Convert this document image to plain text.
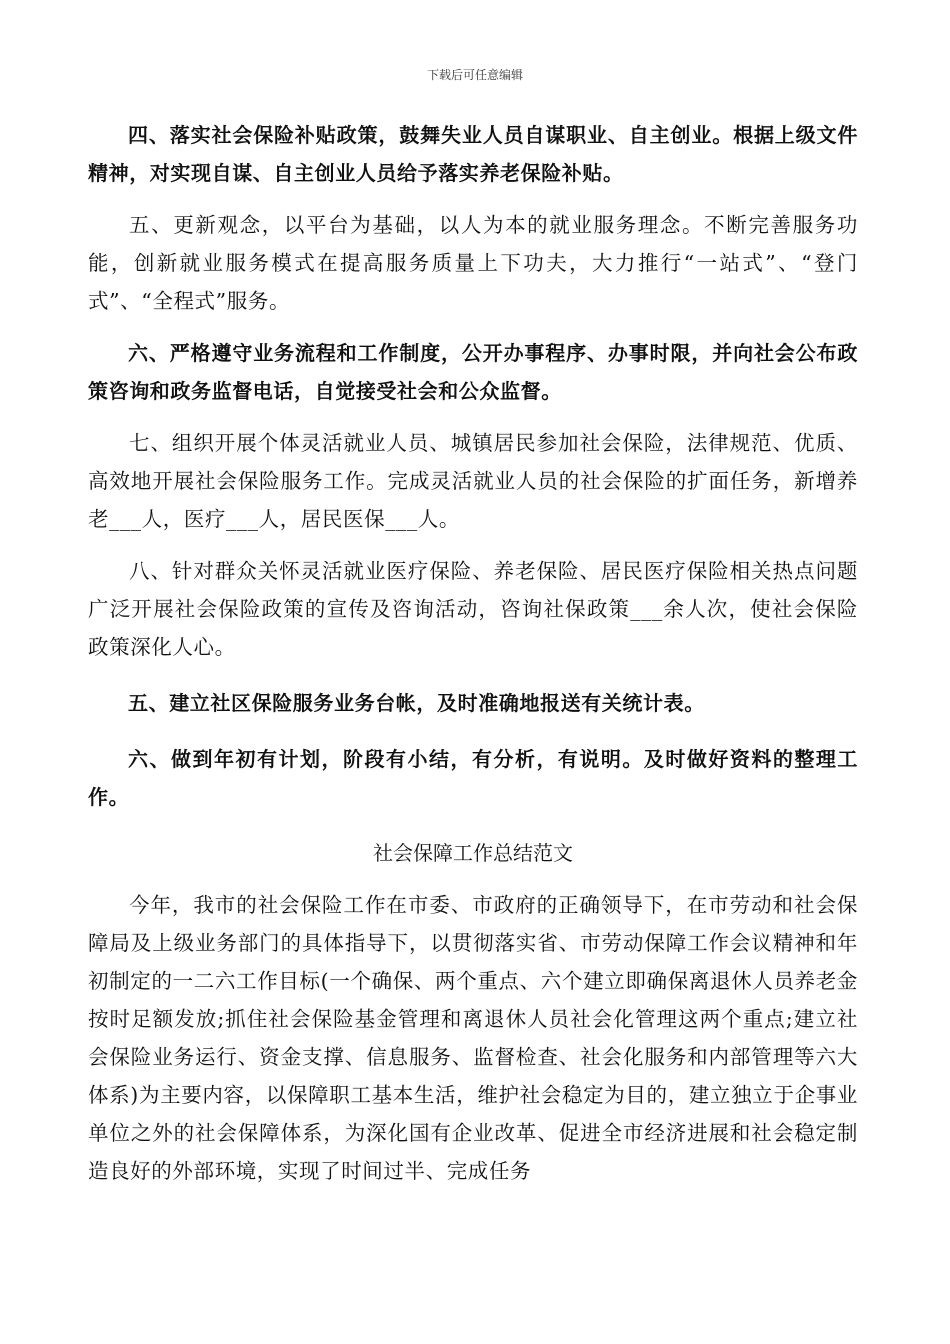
下载后可任意编辑

四、落实社会保险补贴政策，鼓舞失业人员自谋职业、自主创业。根据上级文件精神，对实现自谋、自主创业人员给予落实养老保险补贴。

五、更新观念，以平台为基础，以人为本的就业服务理念。不断完善服务功能，创新就业服务模式在提高服务质量上下功夫，大力推行“一站式”、“登门式”、“全程式”服务。

六、严格遵守业务流程和工作制度，公开办事程序、办事时限，并向社会公布政策咨询和政务监督电话，自觉接受社会和公众监督。

七、组织开展个体灵活就业人员、城镇居民参加社会保险，法律规范、优质、高效地开展社会保险服务工作。完成灵活就业人员的社会保险的扩面任务，新增养老___人，医疗___人，居民医保___人。

八、针对群众关怀灵活就业医疗保险、养老保险、居民医疗保险相关热点问题广泛开展社会保险政策的宣传及咨询活动，咨询社保政策___余人次，使社会保险政策深化人心。

五、建立社区保险服务业务台帐，及时准确地报送有关统计表。

六、做到年初有计划，阶段有小结，有分析，有说明。及时做好资料的整理工作。

社会保障工作总结范文

今年，我市的社会保险工作在市委、市政府的正确领导下，在市劳动和社会保障局及上级业务部门的具体指导下，以贯彻落实省、市劳动保障工作会议精神和年初制定的一二六工作目标(一个确保、两个重点、六个建立即确保离退休人员养老金按时足额发放;抓住社会保险基金管理和离退休人员社会化管理这两个重点;建立社会保险业务运行、资金支撑、信息服务、监督检查、社会化服务和内部管理等六大体系)为主要内容，以保障职工基本生活，维护社会稳定为目的，建立独立于企事业单位之外的社会保障体系，为深化国有企业改革、促进全市经济进展和社会稳定制造良好的外部环境，实现了时间过半、完成任务
